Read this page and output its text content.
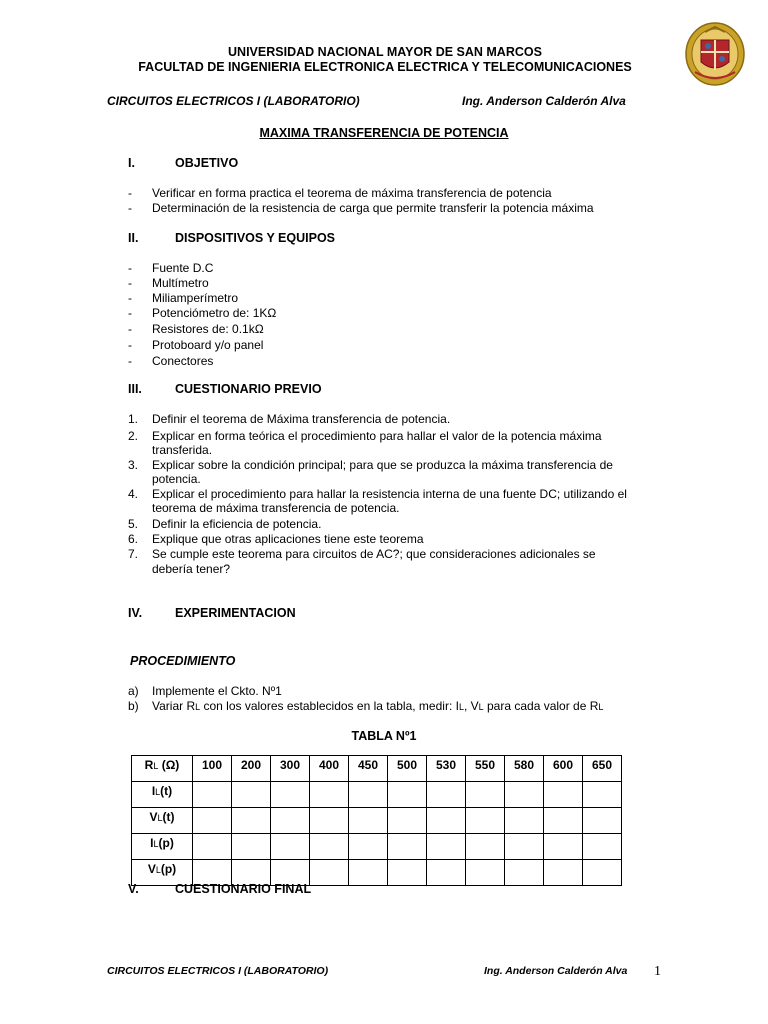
UNIVERSIDAD NACIONAL MAYOR DE SAN MARCOS
FACULTAD DE INGENIERIA ELECTRONICA ELECTRICA Y TELECOMUNICACIONES
CIRCUITOS ELECTRICOS I (LABORATORIO)	Ing. Anderson Calderón Alva
MAXIMA TRANSFERENCIA DE POTENCIA
I.	OBJETIVO
- Verificar en forma practica el teorema de máxima transferencia de potencia
- Determinación de la resistencia de carga que permite transferir la potencia máxima
II.	DISPOSITIVOS Y EQUIPOS
- Fuente D.C
- Multímetro
- Miliamperímetro
- Potenciómetro de: 1KΩ
- Resistores de: 0.1kΩ
- Protoboard y/o panel
- Conectores
III.	CUESTIONARIO PREVIO
1. Definir el teorema de Máxima transferencia de potencia.
2. Explicar en forma teórica el procedimiento para hallar el valor de la potencia máxima
transferida.
3. Explicar sobre la condición principal; para que se produzca la máxima transferencia de
potencia.
4. Explicar el procedimiento para hallar la resistencia interna de una fuente DC; utilizando el
teorema de máxima transferencia de potencia.
5. Definir la eficiencia de potencia.
6. Explique que otras aplicaciones tiene este teorema
7. Se cumple este teorema para circuitos de AC?; que consideraciones adicionales se
debería tener?
IV.	EXPERIMENTACION
PROCEDIMIENTO
a) Implemente el Ckto. Nº1
b) Variar RL con los valores establecidos en la tabla, medir: IL, VL para cada valor de RL
TABLA Nº1
RL (Ω)	100	200	300	400	450	500	530	550	580	600	650
IL(t)											
VL(t)											
IL(p)											
VL(p)											
V.	CUESTIONARIO FINAL
CIRCUITOS ELECTRICOS I (LABORATORIO)	Ing. Anderson Calderón Alva 1
